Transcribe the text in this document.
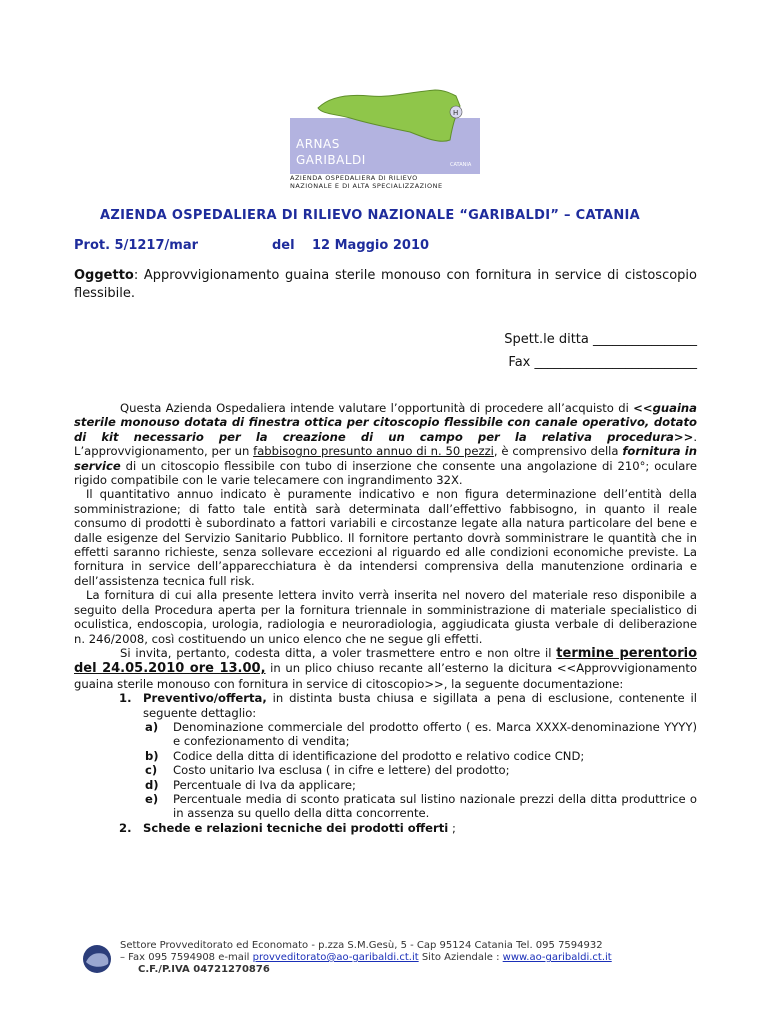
H
ARNAS
GARIBALDI	CATANIA
AZIENDA OSPEDALIERA DI RILIEVO
NAZIONALE E DI ALTA SPECIALIZZAZIONE
AZIENDA OSPEDALIERA DI RILIEVO NAZIONALE “GARIBALDI” – CATANIA
Prot. 5/1217/mar	del 12 Maggio 2010
Oggetto: Approvvigionamento guaina sterile monouso con fornitura in service di cistoscopio flessibile.
Spett.le ditta ________________
Fax _________________________

Questa Azienda Ospedaliera intende valutare l’opportunità di procedere all’acquisto di <<guaina sterile monouso dotata di finestra ottica per citoscopio flessibile con canale operativo, dotato di kit necessario per la creazione di un campo per la relativa procedura>>. L’approvvigionamento, per un fabbisogno presunto annuo di n. 50 pezzi, è comprensivo della fornitura in service di un citoscopio flessibile con tubo di inserzione che consente una angolazione di 210°; oculare rigido compatibile con le varie telecamere con ingrandimento 32X.

Il quantitativo annuo indicato è puramente indicativo e non figura determinazione dell’entità della somministrazione; di fatto tale entità sarà determinata dall’effettivo fabbisogno, in quanto il reale consumo di prodotti è subordinato a fattori variabili e circostanze legate alla natura particolare del bene e dalle esigenze del Servizio Sanitario Pubblico. Il fornitore pertanto dovrà somministrare le quantità che in effetti saranno richieste, senza sollevare eccezioni al riguardo ed alle condizioni economiche previste. La fornitura in service dell’apparecchiatura è da intendersi comprensiva della manutenzione ordinaria e dell’assistenza tecnica full risk.

La fornitura di cui alla presente lettera invito verrà inserita nel novero del materiale reso disponibile a seguito della Procedura aperta per la fornitura triennale in somministrazione di materiale specialistico di oculistica, endoscopia, urologia, radiologia e neuroradiologia, aggiudicata giusta verbale di deliberazione n. 246/2008, così costituendo un unico elenco che ne segue gli effetti.

Si invita, pertanto, codesta ditta, a voler trasmettere entro e non oltre il termine perentorio del 24.05.2010 ore 13.00, in un plico chiuso recante all’esterno la dicitura <<Approvvigionamento guaina sterile monouso con fornitura in service di citoscopio>>, la seguente documentazione:

1. Preventivo/offerta, in distinta busta chiusa e sigillata a pena di esclusione, contenente il seguente dettaglio:
a) Denominazione commerciale del prodotto offerto ( es. Marca XXXX-denominazione YYYY) e confezionamento di vendita;
b) Codice della ditta di identificazione del prodotto e relativo codice CND;
c) Costo unitario Iva esclusa ( in cifre e lettere) del prodotto;
d) Percentuale di Iva da applicare;
e) Percentuale media di sconto praticata sul listino nazionale prezzi della ditta produttrice o in assenza su quello della ditta concorrente.
2. Schede e relazioni tecniche dei prodotti offerti ;
Settore Provveditorato ed Economato - p.zza S.M.Gesù, 5 - Cap 95124 Catania Tel. 095 7594932
– Fax 095 7594908 e-mail provveditorato@ao-garibaldi.ct.it Sito Aziendale : www.ao-garibaldi.ct.it
C.F./P.IVA 04721270876
